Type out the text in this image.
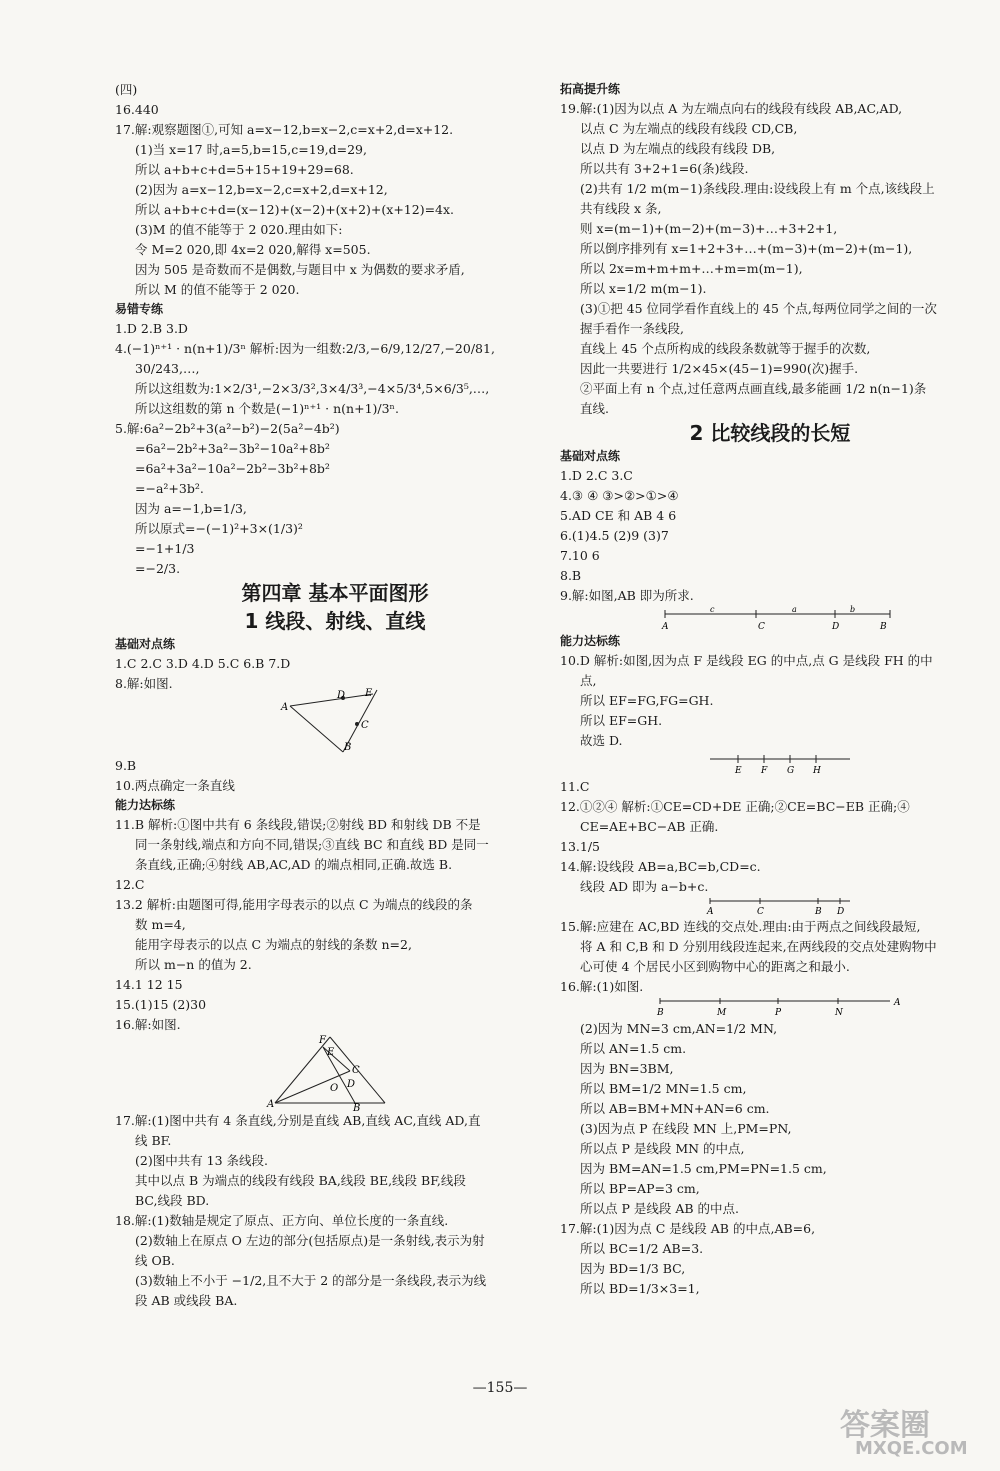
(四)
16.440
17.解:观察题图①,可知 a=x−12,b=x−2,c=x+2,d=x+12.
(1)当 x=17 时,a=5,b=15,c=19,d=29,
所以 a+b+c+d=5+15+19+29=68.
(2)因为 a=x−12,b=x−2,c=x+2,d=x+12,
所以 a+b+c+d=(x−12)+(x−2)+(x+2)+(x+12)=4x.
(3)M 的值不能等于 2 020.理由如下:
令 M=2 020,即 4x=2 020,解得 x=505.
因为 505 是奇数而不是偶数,与题目中 x 为偶数的要求矛盾,
所以 M 的值不能等于 2 020.
易错专练
1.D 2.B 3.D
4.(−1)ⁿ⁺¹ · n(n+1)/3ⁿ 解析:因为一组数:2/3,−6/9,12/27,−20/81,
30/243,…,
所以这组数为:1×2/3¹,−2×3/3²,3×4/3³,−4×5/3⁴,5×6/3⁵,…,
所以这组数的第 n 个数是(−1)ⁿ⁺¹ · n(n+1)/3ⁿ.
5.解:6a²−2b²+3(a²−b²)−2(5a²−4b²)
=6a²−2b²+3a²−3b²−10a²+8b²
=6a²+3a²−10a²−2b²−3b²+8b²
=−a²+3b².
因为 a=−1,b=1/3,
所以原式=−(−1)²+3×(1/3)²
=−1+1/3
=−2/3.
第四章 基本平面图形
1 线段、射线、直线
基础对点练
1.C 2.C 3.D 4.D 5.C 6.B 7.D
8.解:如图.
A
D E
C
B
9.B
10.两点确定一条直线
能力达标练
11.B 解析:①图中共有 6 条线段,错误;②射线 BD 和射线 DB 不是
同一条射线,端点和方向不同,错误;③直线 BC 和直线 BD 是同一
条直线,正确;④射线 AB,AC,AD 的端点相同,正确.故选 B.
12.C
13.2 解析:由题图可得,能用字母表示的以点 C 为端点的线段的条
数 m=4,
能用字母表示的以点 C 为端点的射线的条数 n=2,
所以 m−n 的值为 2.
14.1 12 15
15.(1)15 (2)30
16.解:如图.
A
F
E
C
D
O
B
17.解:(1)图中共有 4 条直线,分别是直线 AB,直线 AC,直线 AD,直
线 BF.
(2)图中共有 13 条线段.
其中以点 B 为端点的线段有线段 BA,线段 BE,线段 BF,线段
BC,线段 BD.
18.解:(1)数轴是规定了原点、正方向、单位长度的一条直线.
(2)数轴上在原点 O 左边的部分(包括原点)是一条射线,表示为射
线 OB.
(3)数轴上不小于 −1/2,且不大于 2 的部分是一条线段,表示为线
段 AB 或线段 BA.
拓高提升练
19.解:(1)因为以点 A 为左端点向右的线段有线段 AB,AC,AD,
以点 C 为左端点的线段有线段 CD,CB,
以点 D 为左端点的线段有线段 DB,
所以共有 3+2+1=6(条)线段.
(2)共有 1/2 m(m−1)条线段.理由:设线段上有 m 个点,该线段上
共有线段 x 条,
则 x=(m−1)+(m−2)+(m−3)+…+3+2+1,
所以倒序排列有 x=1+2+3+…+(m−3)+(m−2)+(m−1),
所以 2x=m+m+m+…+m=m(m−1),
所以 x=1/2 m(m−1).
(3)①把 45 位同学看作直线上的 45 个点,每两位同学之间的一次
握手看作一条线段,
直线上 45 个点所构成的线段条数就等于握手的次数,
因此一共要进行 1/2×45×(45−1)=990(次)握手.
②平面上有 n 个点,过任意两点画直线,最多能画 1/2 n(n−1)条
直线.
2 比较线段的长短
基础对点练
1.D 2.C 3.C
4.③ ④ ③>②>①>④
5.AD CE 和 AB 4 6
6.(1)4.5 (2)9 (3)7
7.10 6
8.B
9.解:如图,AB 即为所求.
c	a	b
A	C	D	B
能力达标练
10.D 解析:如图,因为点 F 是线段 EG 的中点,点 G 是线段 FH 的中
点,
所以 EF=FG,FG=GH.
所以 EF=GH.
故选 D.
E F G H
11.C
12.①②④ 解析:①CE=CD+DE 正确;②CE=BC−EB 正确;④
CE=AE+BC−AB 正确.
13.1/5
14.解:设线段 AB=a,BC=b,CD=c.
线段 AD 即为 a−b+c.
A	C	B D
15.解:应建在 AC,BD 连线的交点处.理由:由于两点之间线段最短,
将 A 和 C,B 和 D 分别用线段连起来,在两线段的交点处建购物中
心可使 4 个居民小区到购物中心的距离之和最小.
16.解:(1)如图.
B	M	P	N
A
(2)因为 MN=3 cm,AN=1/2 MN,
所以 AN=1.5 cm.
因为 BN=3BM,
所以 BM=1/2 MN=1.5 cm,
所以 AB=BM+MN+AN=6 cm.
(3)因为点 P 在线段 MN 上,PM=PN,
所以点 P 是线段 MN 的中点,
因为 BM=AN=1.5 cm,PM=PN=1.5 cm,
所以 BP=AP=3 cm,
所以点 P 是线段 AB 的中点.
17.解:(1)因为点 C 是线段 AB 的中点,AB=6,
所以 BC=1/2 AB=3.
因为 BD=1/3 BC,
所以 BD=1/3×3=1,
—155—
答案圈
MXQE.COM
